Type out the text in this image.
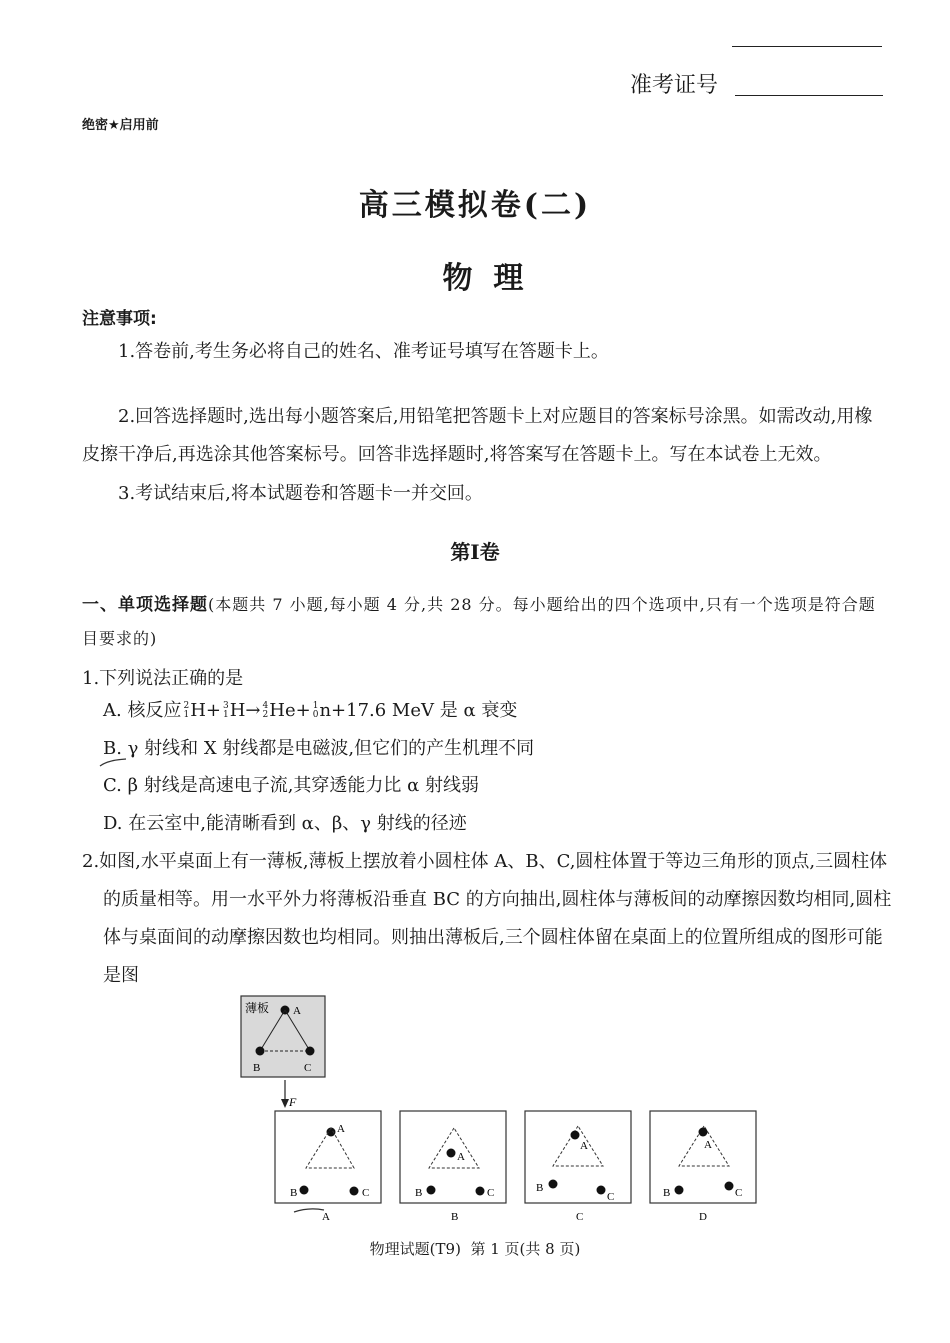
准考证号
绝密★启用前
高三模拟卷(二)
物  理
注意事项:
1.答卷前,考生务必将自己的姓名、准考证号填写在答题卡上。
2.回答选择题时,选出每小题答案后,用铅笔把答题卡上对应题目的答案标号涂黑。如需改动,用橡皮擦干净后,再选涂其他答案标号。回答非选择题时,将答案写在答题卡上。写在本试卷上无效。
3.考试结束后,将本试题卷和答题卡一并交回。
第Ⅰ卷
一、单项选择题(本题共 7 小题,每小题 4 分,共 28 分。每小题给出的四个选项中,只有一个选项是符合题目要求的)
1.下列说法正确的是
A. 核反应 2
1 H+ 3
1 H→ 4
2 He+ 1
0 n+17.6 MeV 是 α 衰变
B. γ 射线和 X 射线都是电磁波,但它们的产生机理不同
C. β 射线是高速电子流,其穿透能力比 α 射线弱
D. 在云室中,能清晰看到 α、β、γ 射线的径迹
2.如图,水平桌面上有一薄板,薄板上摆放着小圆柱体 A、B、C,圆柱体置于等边三角形的顶点,三圆柱体的质量相等。用一水平外力将薄板沿垂直 BC 的方向抽出,圆柱体与薄板间的动摩擦因数均相同,圆柱体与桌面间的动摩擦因数也均相同。则抽出薄板后,三个圆柱体留在桌面上的位置所组成的图形可能是图
薄板 A
B	C
F
A
B	C
A
A
B	C
B
A
B
C
C
A
B	C
D
物理试题(T9)  第 1 页(共 8 页)
